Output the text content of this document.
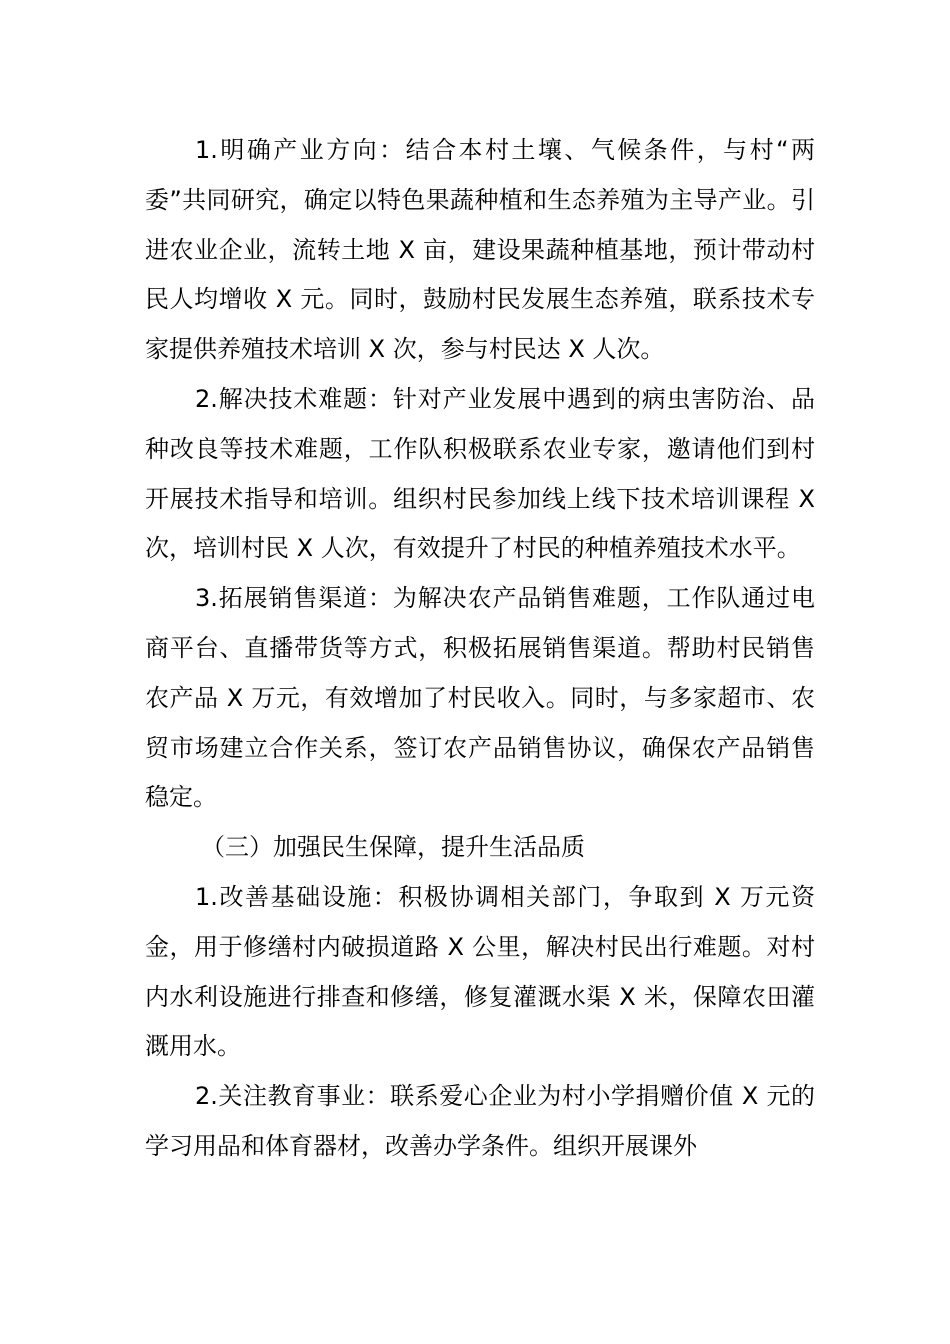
1.明确产业方向：结合本村土壤、气候条件，与村“两委”共同研究，确定以特色果蔬种植和生态养殖为主导产业。引进农业企业，流转土地 X 亩，建设果蔬种植基地，预计带动村民人均增收 X 元。同时，鼓励村民发展生态养殖，联系技术专家提供养殖技术培训 X 次，参与村民达 X 人次。

2.解决技术难题：针对产业发展中遇到的病虫害防治、品种改良等技术难题，工作队积极联系农业专家，邀请他们到村开展技术指导和培训。组织村民参加线上线下技术培训课程 X 次，培训村民 X 人次，有效提升了村民的种植养殖技术水平。

3.拓展销售渠道：为解决农产品销售难题，工作队通过电商平台、直播带货等方式，积极拓展销售渠道。帮助村民销售农产品 X 万元，有效增加了村民收入。同时，与多家超市、农贸市场建立合作关系，签订农产品销售协议，确保农产品销售稳定。

（三）加强民生保障，提升生活品质

1.改善基础设施：积极协调相关部门，争取到 X 万元资金，用于修缮村内破损道路 X 公里，解决村民出行难题。对村内水利设施进行排查和修缮，修复灌溉水渠 X 米，保障农田灌溉用水。

2.关注教育事业：联系爱心企业为村小学捐赠价值 X 元的学习用品和体育器材，改善办学条件。组织开展课外
